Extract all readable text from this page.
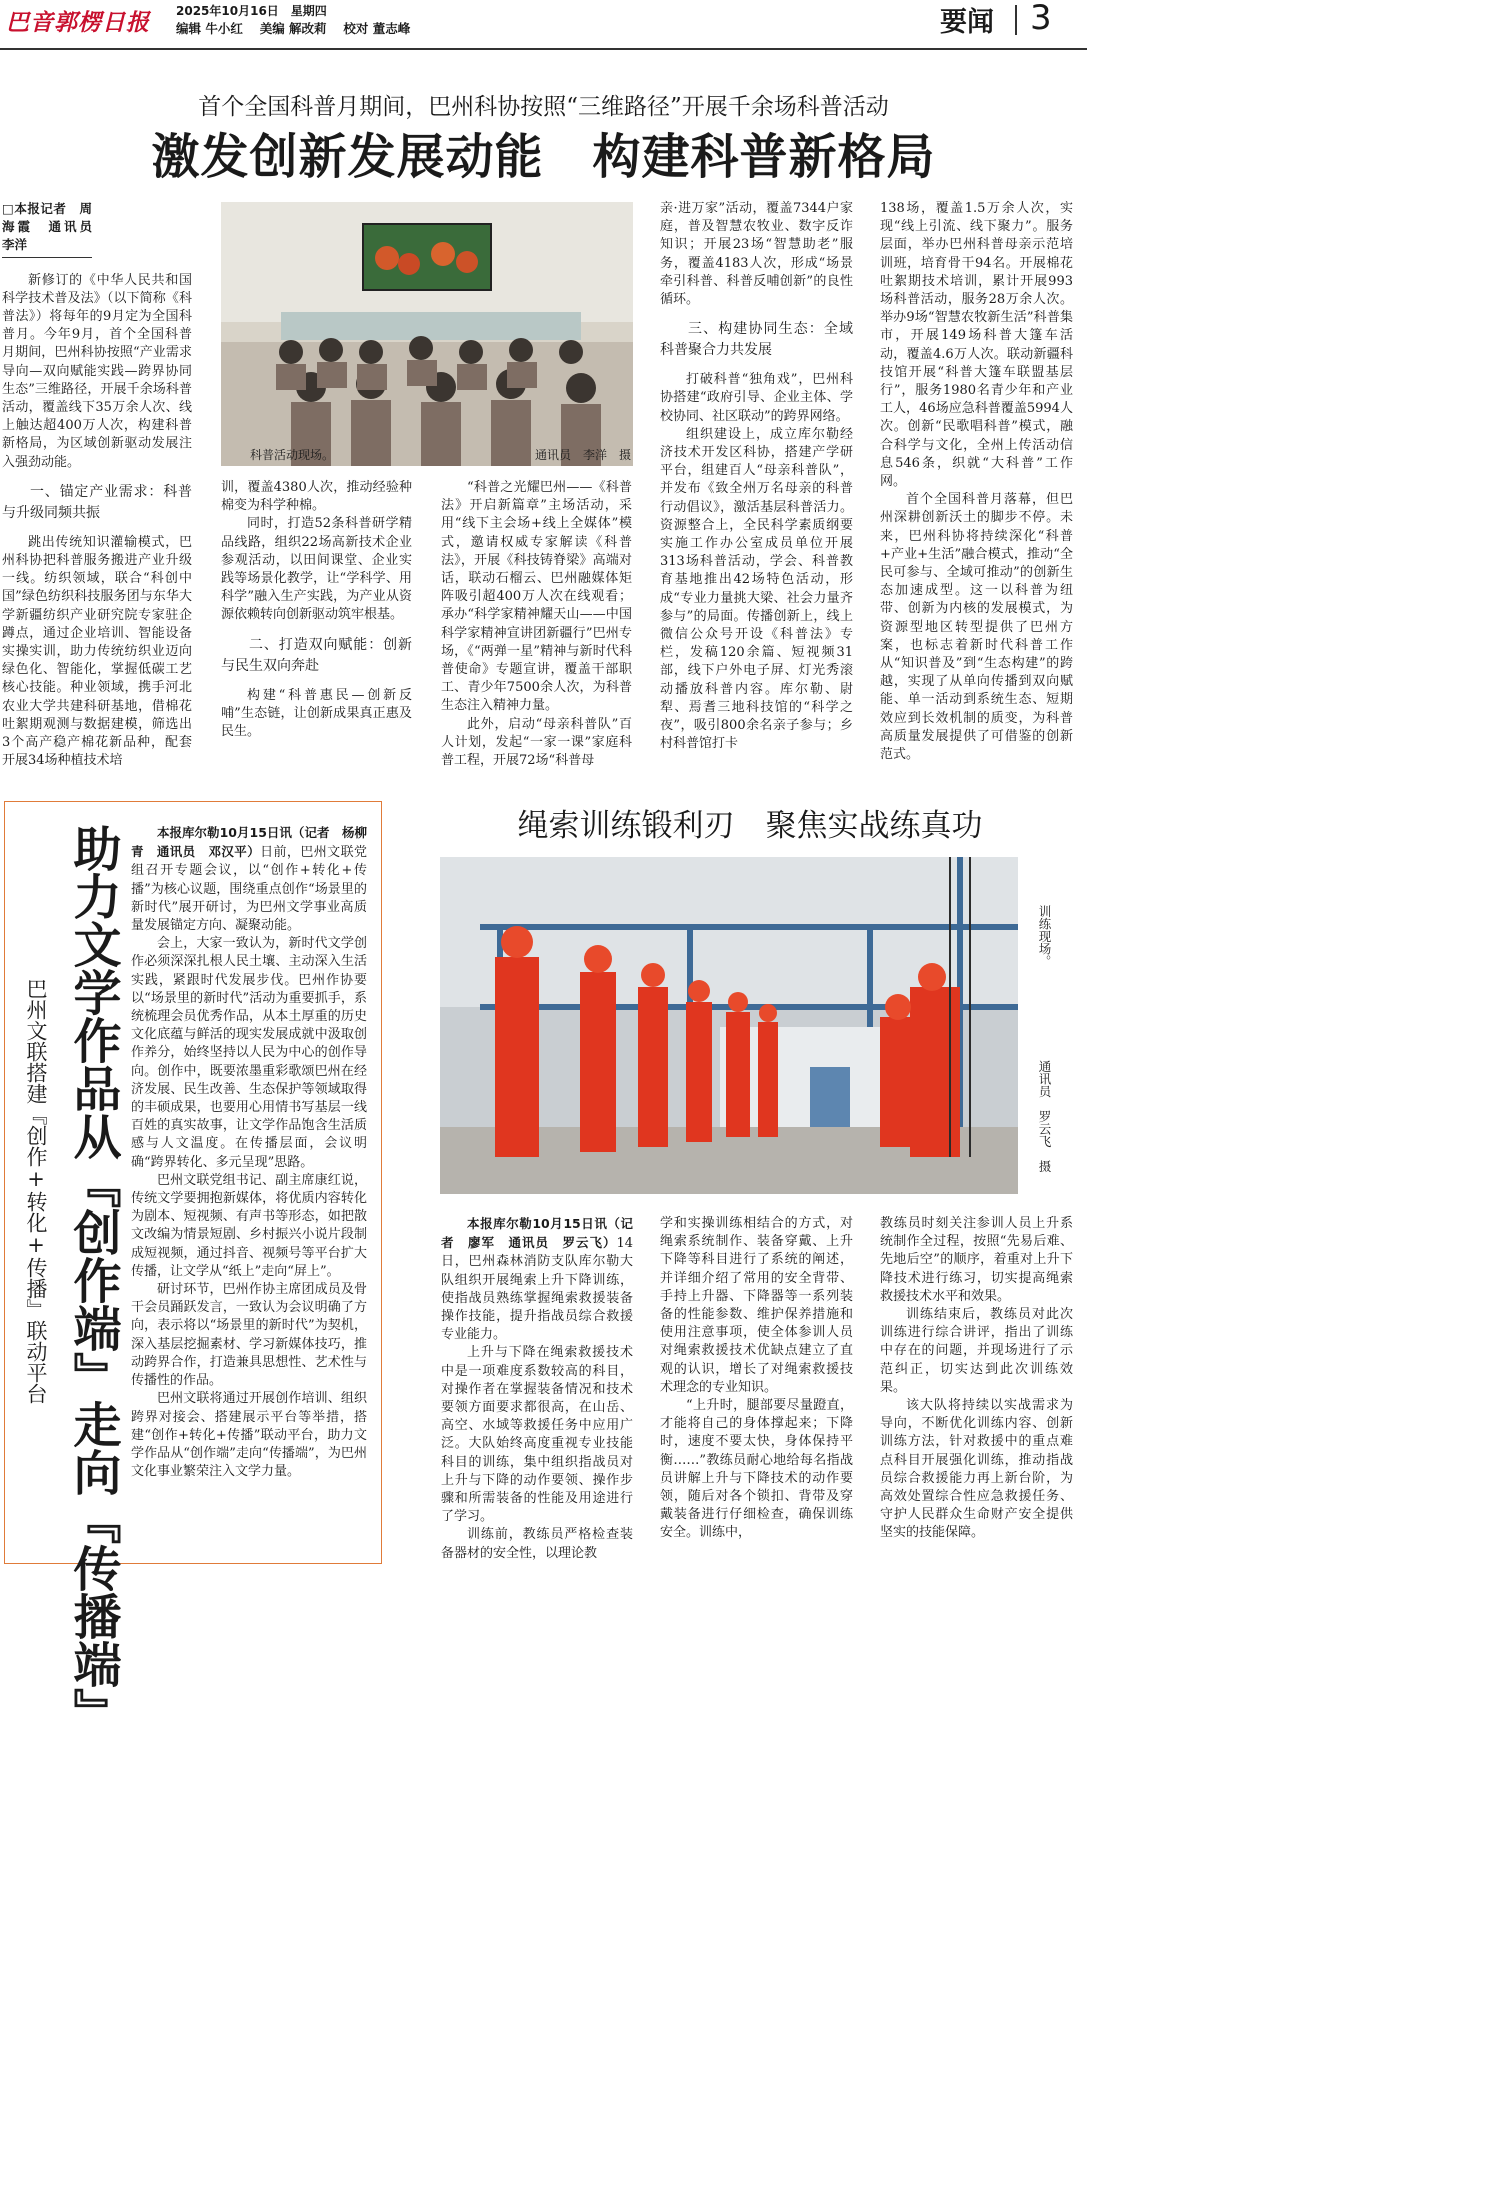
巴音郭楞日报 2025年10月16日　星期四
编辑 牛小红　 美编 解改莉　 校对 董志峰	要闻 3
首个全国科普月期间，巴州科协按照“三维路径”开展千余场科普活动
激发创新发展动能　构建科普新格局

□本报记者　周海霞　通讯员　李洋

新修订的《中华人民共和国科学技术普及法》（以下简称《科普法》）将每年的9月定为全国科普月。今年9月，首个全国科普月期间，巴州科协按照“产业需求导向—双向赋能实践—跨界协同生态”三维路径，开展千余场科普活动，覆盖线下35万余人次、线上触达超400万人次，构建科普新格局，为区域创新驱动发展注入强劲动能。

一、锚定产业需求：科普与升级同频共振

跳出传统知识灌输模式，巴州科协把科普服务搬进产业升级一线。纺织领域，联合“科创中国”绿色纺织科技服务团与东华大学新疆纺织产业研究院专家驻企蹲点，通过企业培训、智能设备实操实训，助力传统纺织业迈向绿色化、智能化，掌握低碳工艺核心技能。种业领域，携手河北农业大学共建科研基地，借棉花吐絮期观测与数据建模，筛选出3个高产稳产棉花新品种，配套开展34场种植技术培

科普活动现场。	通讯员　李洋　摄

训，覆盖4380人次，推动经验种棉变为科学种棉。

同时，打造52条科普研学精品线路，组织22场高新技术企业参观活动，以田间课堂、企业实践等场景化教学，让“学科学、用科学”融入生产实践，为产业从资源依赖转向创新驱动筑牢根基。

二、打造双向赋能：创新与民生双向奔赴

构建“科普惠民—创新反哺”生态链，让创新成果真正惠及民生。

“科普之光耀巴州——《科普法》开启新篇章”主场活动，采用“线下主会场+线上全媒体”模式，邀请权威专家解读《科普法》，开展《科技铸脊梁》高端对话，联动石榴云、巴州融媒体矩阵吸引超400万人次在线观看；承办“科学家精神耀天山——中国科学家精神宣讲团新疆行”巴州专场，《“两弹一星”精神与新时代科普使命》专题宣讲，覆盖干部职工、青少年7500余人次，为科普生态注入精神力量。

此外，启动“母亲科普队”百人计划，发起“一家一课”家庭科普工程，开展72场“科普母

亲·进万家”活动，覆盖7344户家庭，普及智慧农牧业、数字反诈知识；开展23场“智慧助老”服务，覆盖4183人次，形成“场景牵引科普、科普反哺创新”的良性循环。

三、构建协同生态：全域科普聚合力共发展

打破科普“独角戏”，巴州科协搭建“政府引导、企业主体、学校协同、社区联动”的跨界网络。

组织建设上，成立库尔勒经济技术开发区科协，搭建产学研平台，组建百人“母亲科普队”，并发布《致全州万名母亲的科普行动倡议》，激活基层科普活力。资源整合上，全民科学素质纲要实施工作办公室成员单位开展313场科普活动，学会、科普教育基地推出42场特色活动，形成“专业力量挑大梁、社会力量齐参与”的局面。传播创新上，线上微信公众号开设《科普法》专栏，发稿120余篇、短视频31部，线下户外电子屏、灯光秀滚动播放科普内容。库尔勒、尉犁、焉耆三地科技馆的“科学之夜”，吸引800余名亲子参与；乡村科普馆打卡

138场，覆盖1.5万余人次，实现“线上引流、线下聚力”。服务层面，举办巴州科普母亲示范培训班，培育骨干94名。开展棉花吐絮期技术培训，累计开展993场科普活动，服务28万余人次。举办9场“智慧农牧新生活”科普集市，开展149场科普大篷车活动，覆盖4.6万人次。联动新疆科技馆开展“科普大篷车联盟基层行”，服务1980名青少年和产业工人，46场应急科普覆盖5994人次。创新“民歌唱科普”模式，融合科学与文化，全州上传活动信息546条，织就“大科普”工作网。

首个全国科普月落幕，但巴州深耕创新沃土的脚步不停。未来，巴州科协将持续深化“科普+产业+生活”融合模式，推动“全民可参与、全域可推动”的创新生态加速成型。这一以科普为纽带、创新为内核的发展模式，为资源型地区转型提供了巴州方案，也标志着新时代科普工作从“知识普及”到“生态构建”的跨越，实现了从单向传播到双向赋能、单一活动到系统生态、短期效应到长效机制的质变，为科普高质量发展提供了可借鉴的创新范式。

助力文学作品从『创作端』走向『传播端』
巴州文联搭建『创作+转化+传播』联动平台

本报库尔勒10月15日讯（记者　杨柳青　通讯员　邓汉平）日前，巴州文联党组召开专题会议，以“创作+转化+传播”为核心议题，围绕重点创作“场景里的新时代”展开研讨，为巴州文学事业高质量发展锚定方向、凝聚动能。

会上，大家一致认为，新时代文学创作必须深深扎根人民土壤、主动深入生活实践，紧跟时代发展步伐。巴州作协要以“场景里的新时代”活动为重要抓手，系统梳理会员优秀作品，从本土厚重的历史文化底蕴与鲜活的现实发展成就中汲取创作养分，始终坚持以人民为中心的创作导向。创作中，既要浓墨重彩歌颂巴州在经济发展、民生改善、生态保护等领域取得的丰硕成果，也要用心用情书写基层一线百姓的真实故事，让文学作品饱含生活质感与人文温度。在传播层面，会议明确“跨界转化、多元呈现”思路。

巴州文联党组书记、副主席康红说，传统文学要拥抱新媒体，将优质内容转化为剧本、短视频、有声书等形态，如把散文改编为情景短剧、乡村振兴小说片段制成短视频，通过抖音、视频号等平台扩大传播，让文学从“纸上”走向“屏上”。

研讨环节，巴州作协主席团成员及骨干会员踊跃发言，一致认为会议明确了方向，表示将以“场景里的新时代”为契机，深入基层挖掘素材、学习新媒体技巧，推动跨界合作，打造兼具思想性、艺术性与传播性的作品。

巴州文联将通过开展创作培训、组织跨界对接会、搭建展示平台等举措，搭建“创作+转化+传播”联动平台，助力文学作品从“创作端”走向“传播端”，为巴州文化事业繁荣注入文学力量。

绳索训练锻利刃　聚焦实战练真功
训练现场。
通讯员　罗云飞　摄

本报库尔勒10月15日讯（记者　廖军　通讯员　罗云飞）14日，巴州森林消防支队库尔勒大队组织开展绳索上升下降训练，使指战员熟练掌握绳索救援装备操作技能，提升指战员综合救援专业能力。

上升与下降在绳索救援技术中是一项难度系数较高的科目，对操作者在掌握装备情况和技术要领方面要求都很高，在山岳、高空、水域等救援任务中应用广泛。大队始终高度重视专业技能科目的训练，集中组织指战员对上升与下降的动作要领、操作步骤和所需装备的性能及用途进行了学习。

训练前，教练员严格检查装备器材的安全性，以理论教

学和实操训练相结合的方式，对绳索系统制作、装备穿戴、上升下降等科目进行了系统的阐述，并详细介绍了常用的安全背带、手持上升器、下降器等一系列装备的性能参数、维护保养措施和使用注意事项，使全体参训人员对绳索救援技术优缺点建立了直观的认识，增长了对绳索救援技术理念的专业知识。

“上升时，腿部要尽量蹬直，才能将自己的身体撑起来；下降时，速度不要太快，身体保持平衡……”教练员耐心地给每名指战员讲解上升与下降技术的动作要领，随后对各个锁扣、背带及穿戴装备进行仔细检查，确保训练安全。训练中，

教练员时刻关注参训人员上升系统制作全过程，按照“先易后难、先地后空”的顺序，着重对上升下降技术进行练习，切实提高绳索救援技术水平和效果。

训练结束后，教练员对此次训练进行综合讲评，指出了训练中存在的问题，并现场进行了示范纠正，切实达到此次训练效果。

该大队将持续以实战需求为导向，不断优化训练内容、创新训练方法，针对救援中的重点难点科目开展强化训练，推动指战员综合救援能力再上新台阶，为高效处置综合性应急救援任务、守护人民群众生命财产安全提供坚实的技能保障。
